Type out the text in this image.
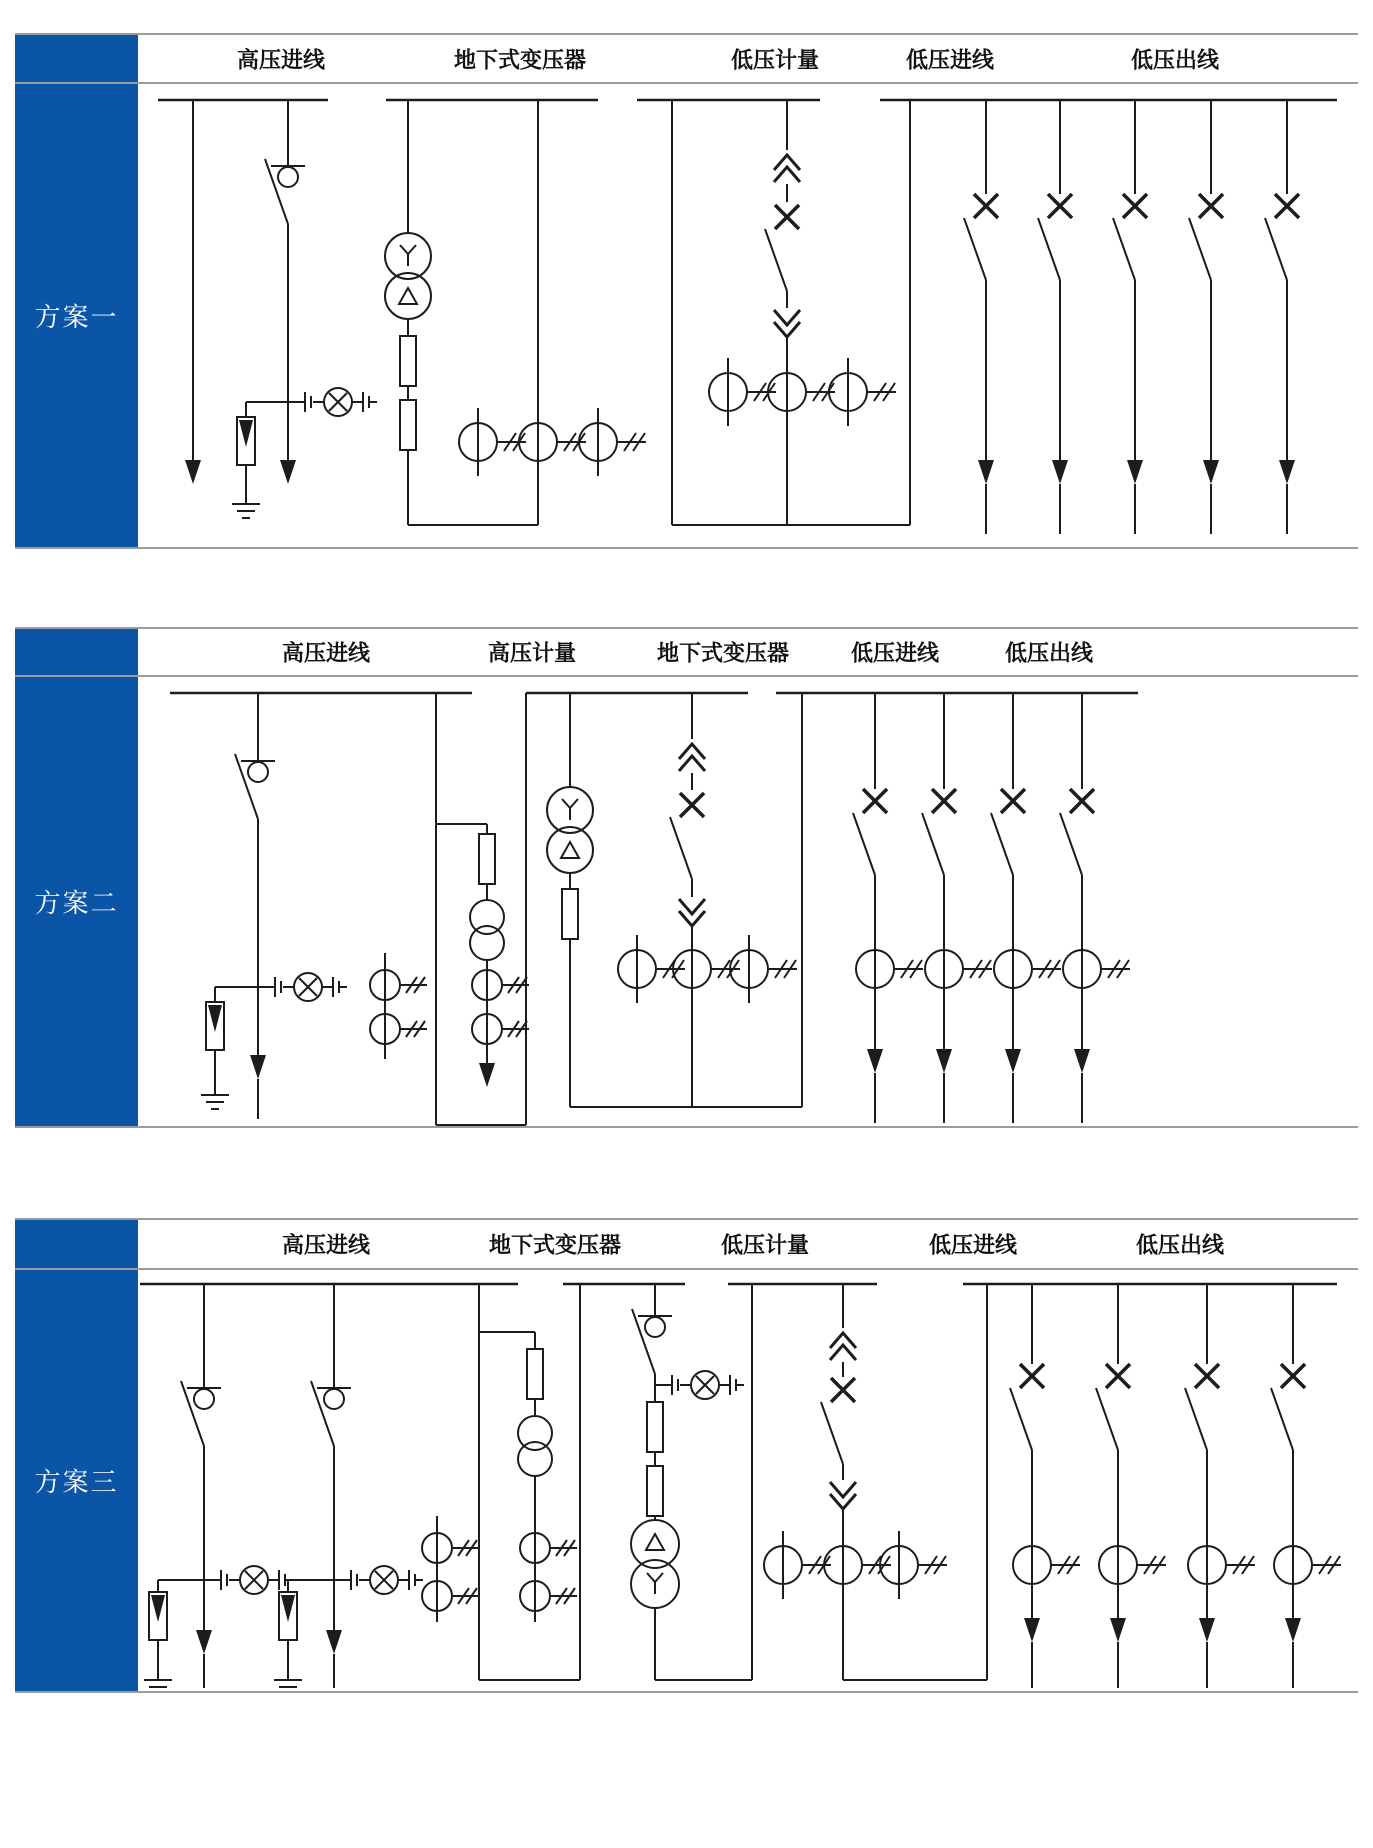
高压进线	地下式变压器	低压计量	低压进线	低压出线
方案一
高压进线	高压计量	地下式变压器	低压进线	低压出线
方案二
高压进线	地下式变压器	低压计量	低压进线	低压出线
方案三
